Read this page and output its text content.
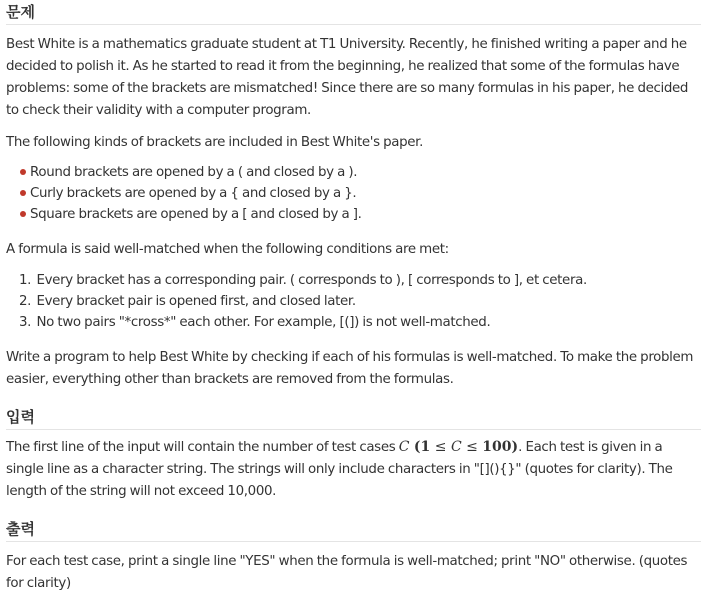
문제

Best White is a mathematics graduate student at T1 University. Recently, he finished writing a paper and he decided to polish it. As he started to read it from the beginning, he realized that some of the formulas have problems: some of the brackets are mismatched! Since there are so many formulas in his paper, he decided to check their validity with a computer program.

The following kinds of brackets are included in Best White's paper.

Round brackets are opened by a ( and closed by a ).
Curly brackets are opened by a { and closed by a }.
Square brackets are opened by a [ and closed by a ].

A formula is said well-matched when the following conditions are met:

1. Every bracket has a corresponding pair. ( corresponds to ), [ corresponds to ], et cetera.
2. Every bracket pair is opened first, and closed later.
3. No two pairs "*cross*" each other. For example, [(]) is not well-matched.

Write a program to help Best White by checking if each of his formulas is well-matched. To make the problem easier, everything other than brackets are removed from the formulas.

입력

The first line of the input will contain the number of test cases C (1 ≤ C ≤ 100). Each test is given in a single line as a character string. The strings will only include characters in "[](){}" (quotes for clarity). The length of the string will not exceed 10,000.

출력

For each test case, print a single line "YES" when the formula is well-matched; print "NO" otherwise. (quotes for clarity)
